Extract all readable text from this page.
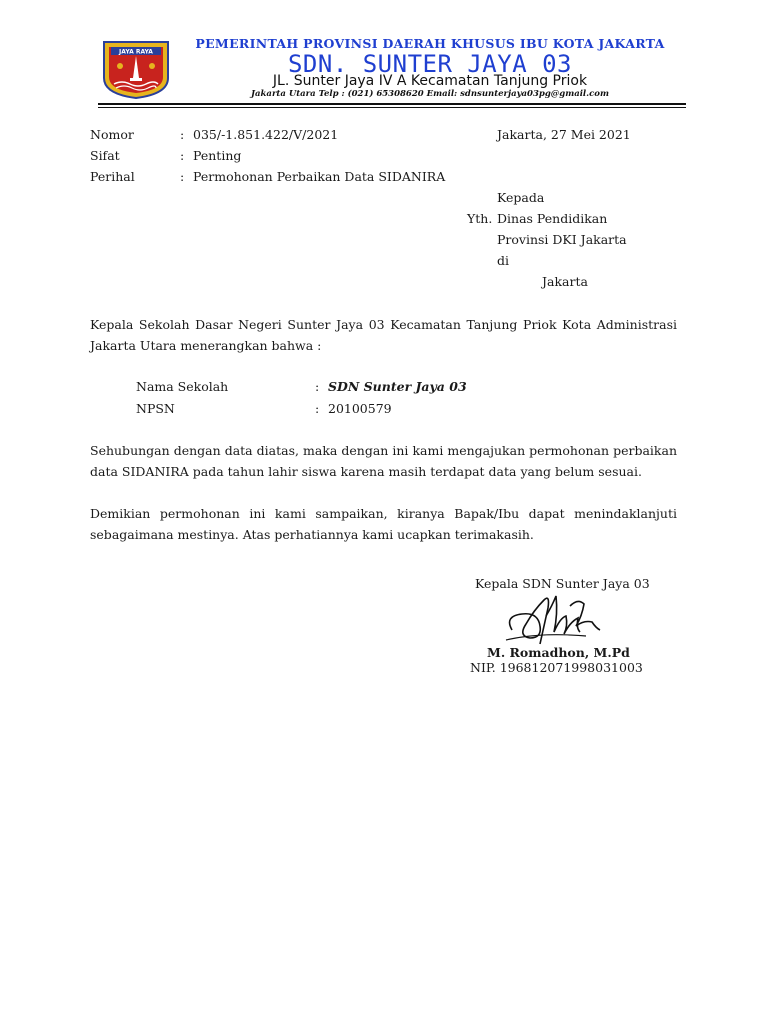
JAYA RAYA
PEMERINTAH PROVINSI DAERAH KHUSUS IBU KOTA JAKARTA
SDN. SUNTER JAYA 03
JL. Sunter Jaya IV A Kecamatan Tanjung Priok
Jakarta Utara Telp : (021) 65308620 Email: sdnsunterjaya03pg@gmail.com
Nomor	: 035/-1.851.422/V/2021	Jakarta, 27 Mei 2021
Sifat	: Penting
Perihal	: Permohonan Perbaikan Data SIDANIRA
Kepada
Yth. Dinas Pendidikan
Provinsi DKI Jakarta
di
Jakarta
Kepala Sekolah Dasar Negeri Sunter Jaya 03 Kecamatan Tanjung Priok Kota Administrasi Jakarta Utara menerangkan bahwa :
Nama Sekolah	: SDN Sunter Jaya 03
NPSN	: 20100579
Sehubungan dengan data diatas, maka dengan ini kami mengajukan permohonan perbaikan data SIDANIRA pada tahun lahir siswa karena masih terdapat data yang belum sesuai.
Demikian permohonan ini kami sampaikan, kiranya Bapak/Ibu dapat menindaklanjuti sebagaimana mestinya. Atas perhatiannya kami ucapkan terimakasih.
Kepala SDN Sunter Jaya 03
M. Romadhon, M.Pd
NIP. 196812071998031003
